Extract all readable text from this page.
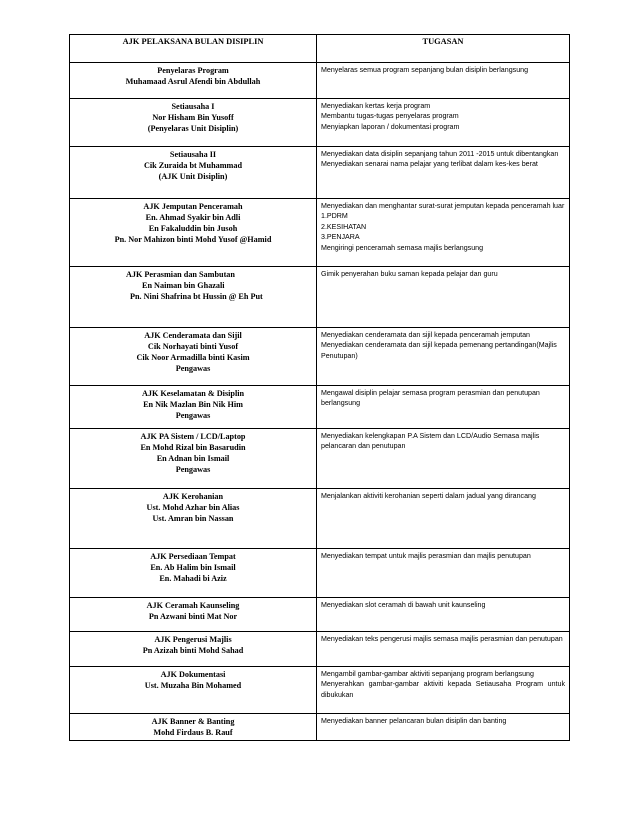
AJK PELAKSANA BULAN DISIPLIN	TUGASAN

Penyelaras Program
Muhamaad Asrul Afendi bin Abdullah	Menyelaras semua program sepanjang bulan disiplin berlangsung

Setiausaha I
Nor Hisham Bin Yusoff
(Penyelaras Unit Disiplin)	Menyediakan kertas kerja program
Membantu tugas-tugas penyelaras program
Menyiapkan laporan / dokumentasi program

Setiausaha II
Cik Zuraida bt Muhammad
(AJK Unit Disiplin)	Menyediakan data disiplin sepanjang tahun 2011 -2015 untuk dibentangkan
Menyediakan senarai nama pelajar yang terlibat dalam kes-kes berat

AJK Jemputan Penceramah
En. Ahmad Syakir bin Adli
En Fakaluddin bin Jusoh
Pn. Nor Mahizon binti Mohd Yusof @Hamid	Menyediakan dan menghantar surat-surat jemputan kepada penceramah luar
1.PDRM
2.KESIHATAN
3.PENJARA
Mengiringi penceramah semasa majlis berlangsung

AJK Perasmian dan Sambutan
En Naiman bin Ghazali
Pn. Nini Shafrina bt Hussin @ Eh Put	Gimik penyerahan buku saman kepada pelajar dan guru

AJK Cenderamata dan Sijil
Cik Norhayati binti Yusof
Cik Noor Armadilla binti Kasim
Pengawas	Menyediakan cenderamata dan sijil kepada penceramah jemputan
Menyediakan cenderamata dan sijil kepada pemenang pertandingan(Majlis Penutupan)

AJK Keselamatan & Disiplin
En Nik Mazlan Bin Nik Him
Pengawas	Mengawal disiplin pelajar semasa program perasmian dan penutupan berlangsung

AJK PA Sistem / LCD/Laptop
En Mohd Rizal bin Basarudin
En Adnan bin Ismail
Pengawas	Menyediakan kelengkapan P.A Sistem dan LCD/Audio Semasa majlis pelancaran dan penutupan

AJK Kerohanian
Ust. Mohd Azhar bin Alias
Ust. Amran bin Nassan	Menjalankan aktiviti kerohanian seperti dalam jadual yang dirancang

AJK Persediaan Tempat
En. Ab Halim bin Ismail
En. Mahadi bi Aziz	Menyediakan tempat untuk majlis perasmian dan majlis penutupan

AJK Ceramah Kaunseling
Pn Azwani binti Mat Nor	Menyediakan slot ceramah di bawah unit kaunseling

AJK Pengerusi Majlis
Pn Azizah binti Mohd Sahad	Menyediakan teks pengerusi majlis semasa majlis perasmian dan penutupan

AJK Dokumentasi
Ust. Muzaha Bin Mohamed	Mengambil gambar-gambar aktiviti sepanjang program berlangsung
Menyerahkan gambar-gambar aktiviti kepada Setiausaha Program untuk dibukukan

AJK Banner & Banting
Mohd Firdaus B. Rauf	Menyediakan banner pelancaran bulan disiplin dan banting
